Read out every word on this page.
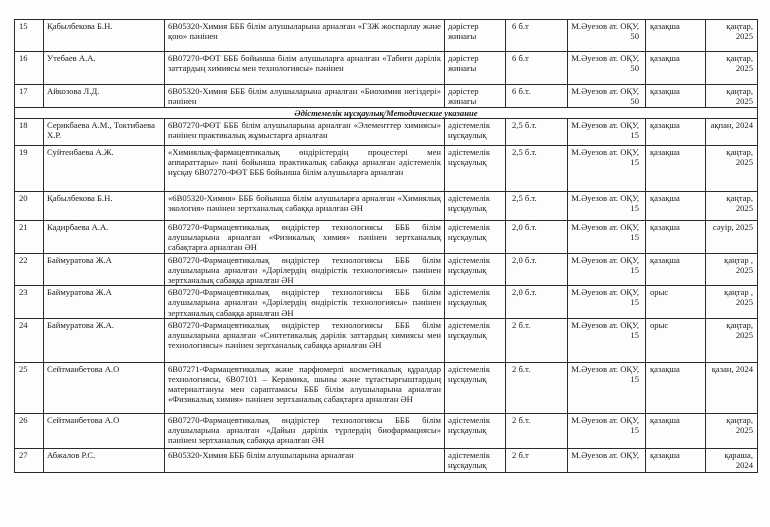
15	Қабылбекова Б.Н.	6В05320-Химия БББ білім алушыларына арналған «ГЗЖ жоспарлау және қою» пәнінен	дәрістер жинағы	6 б.т	М.Әуезов ат. ОҚУ, 50	қазақша	қаңтар, 2025
16	Утебаев А.А.	6В07270-ФӨТ БББ бойынша білім алушыларға арналған «Табиғи дәрілік заттардың химиясы мен технологиясы» пәнінен	дәрістер жинағы	6 б.т	М.Әуезов ат. ОҚУ, 50	қазақша	қаңтар, 2025
17	Айкозова Л.Д.	6В05320-Химия БББ білім алушыларына арналған «Биохимия негіздері» пәнінен	дәрістер жинағы	6 б.т.	М.Әуезов ат. ОҚУ, 50	қазақша	қаңтар, 2025
Әдістемелік нұсқаулық/Методические указание							
18	Серикбаева А.М., Токтибаева Х.Р.	6В07270-ФӨТ БББ білім алушыларына арналған «Элементтер химиясы» пәнінен практикалық жұмыстарға арналған	әдістемелік нұсқаулық	2,5 б.т.	М.Әуезов ат. ОҚУ, 15	қазақша	ақпан, 2024
19	Суйтенбаева А.Ж.	«Химиялық-фармацевтикалық өндірістердің процестері мен аппараттары» пәні бойынша практикалық сабаққа арналған әдістемелік нұсқау 6В07270-ФӨТ БББ бойынша білім алушыларға арналған	әдістемелік нұсқаулық	2,5 б.т.	М.Әуезов ат. ОҚУ, 15	қазақша	қаңтар, 2025
20	Қабылбекова Б.Н.	«6В05320-Химия» БББ бойынша білім алушыларға арналған «Химиялық экология» пәнінен зертханалық сабаққа арналған ӘН	әдістемелік нұсқаулық	2,5 б.т.	М.Әуезов ат. ОҚУ, 15	қазақша	қаңтар, 2025
21	Кадирбаева А.А.	6В07270-Фармацевтикалық өндірістер технологиясы БББ білім алушыларына арналған «Физикалық химия» пәнінен зертханалық сабақтарға арналған ӘН	әдістемелік нұсқаулық	2,0 б.т.	М.Әуезов ат. ОҚУ, 15	қазақша	сәуір, 2025
22	Баймуратова Ж.А	6В07270-Фармацевтикалық өндірістер технологиясы БББ білім алушыларына арналған «Дәрілердің өндірістік технологиясы» пәнінен зертханалық сабаққа арналған ӘН	әдістемелік нұсқаулық	2,0 б.т.	М.Әуезов ат. ОҚУ, 15	қазақша	қаңтар , 2025
23	Баймуратова Ж.А	6В07270-Фармацевтикалық өндірістер технологиясы БББ білім алушыларына арналған «Дәрілердің өндірістік технологиясы» пәнінен зертханалық сабаққа арналған ӘН	әдістемелік нұсқаулық	2,0 б.т.	М.Әуезов ат. ОҚУ, 15	орыс	қаңтар , 2025
24	Баймуратова Ж.А.	6В07270-Фармацевтикалық өндірістер технологиясы БББ білім алушыларына арналған «Синтетикалық дәрілік заттардың химиясы мен технологиясы» пәнінен зертханалық сабаққа арналған ӘН	әдістемелік нұсқаулық	2 б.т.	М.Әуезов ат. ОҚУ, 15	орыс	қаңтар, 2025
25	Сейтманбетова А.О	6В07271-Фармацевтикалық және парфюмерлі косметикалық құралдар технологиясы, 6В07101 – Керамика, шыны және тұтастырғыштардың материалтануы мен сараптамасы БББ білім алушыларына арналған «Физикалық химия» пәнінен зертханалық сабақтарға арналған ӘН	әдістемелік нұсқаулық	2 б.т.	М.Әуезов ат. ОҚУ, 15	қазақша	қазан, 2024
26	Сейтманбетова А.О	6В07270-Фармацевтикалық өндірістер технологиясы БББ білім алушыларына арналған «Дайын дәрілік түрлердің биофармациясы» пәнінен зертханалық сабаққа арналған ӘН	әдістемелік нұсқаулық	2 б.т.	М.Әуезов ат. ОҚУ, 15	қазақша	қаңтар, 2025
27	Абжалов Р.С.	6В05320-Химия БББ білім алушыларына арналған	әдістемелік нұсқаулық	2 б.т	М.Әуезов ат. ОҚУ,	қазақша	қараша, 2024
